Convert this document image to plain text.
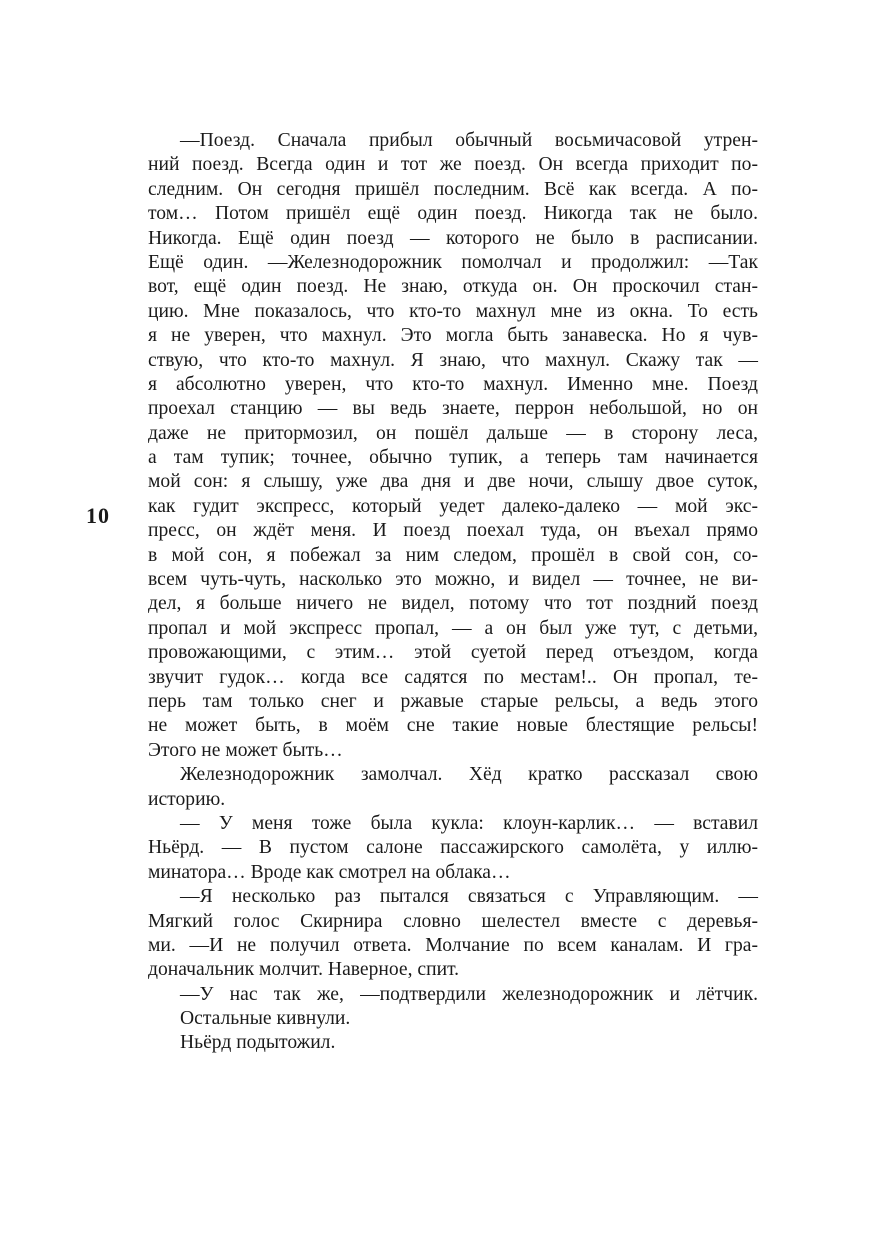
10
—Поезд. Сначала прибыл обычный восьмичасовой утрен-
ний поезд. Всегда один и тот же поезд. Он всегда приходит по-
следним. Он сегодня пришёл последним. Всё как всегда. А по-
том… Потом пришёл ещё один поезд. Никогда так не было.
Никогда. Ещё один поезд — которого не было в расписании.
Ещё один. —Железнодорожник помолчал и продолжил: —Так
вот, ещё один поезд. Не знаю, откуда он. Он проскочил стан-
цию. Мне показалось, что кто-то махнул мне из окна. То есть
я не уверен, что махнул. Это могла быть занавеска. Но я чув-
ствую, что кто-то махнул. Я знаю, что махнул. Скажу так —
я абсолютно уверен, что кто-то махнул. Именно мне. Поезд
проехал станцию — вы ведь знаете, перрон небольшой, но он
даже не притормозил, он пошёл дальше — в сторону леса,
а там тупик; точнее, обычно тупик, а теперь там начинается
мой сон: я слышу, уже два дня и две ночи, слышу двое суток,
как гудит экспресс, который уедет далеко-далеко — мой экс-
пресс, он ждёт меня. И поезд поехал туда, он въехал прямо
в мой сон, я побежал за ним следом, прошёл в свой сон, со-
всем чуть-чуть, насколько это можно, и видел — точнее, не ви-
дел, я больше ничего не видел, потому что тот поздний поезд
пропал и мой экспресс пропал, — а он был уже тут, с детьми,
провожающими, с этим… этой суетой перед отъездом, когда
звучит гудок… когда все садятся по местам!.. Он пропал, те-
перь там только снег и ржавые старые рельсы, а ведь этого
не может быть, в моём сне такие новые блестящие рельсы!
Этого не может быть…
Железнодорожник замолчал. Хёд кратко рассказал свою
историю.
— У меня тоже была кукла: клоун-карлик… — вставил
Ньёрд. — В пустом салоне пассажирского самолёта, у иллю-
минатора… Вроде как смотрел на облака…
—Я несколько раз пытался связаться с Управляющим. —
Мягкий голос Скирнира словно шелестел вместе с деревья-
ми. —И не получил ответа. Молчание по всем каналам. И гра-
доначальник молчит. Наверное, спит.
—У нас так же, —подтвердили железнодорожник и лётчик.
Остальные кивнули.
Ньёрд подытожил.
